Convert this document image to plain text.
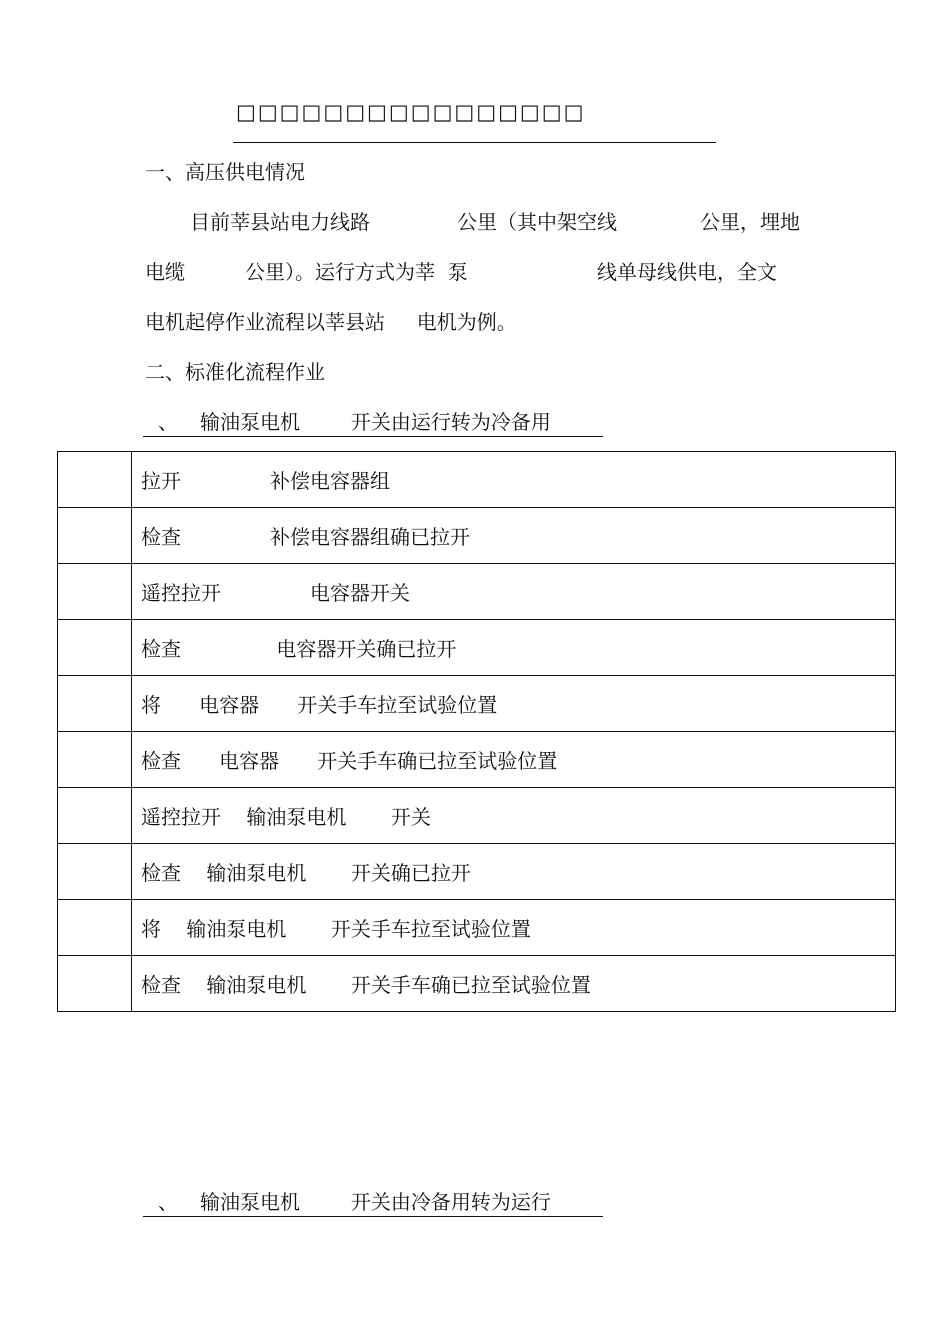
□□□□□□□□□□□□□□□□
一、高压供电情况
目前莘县站电力线路	公里（其中架空线	公里，埋地
电缆	公里）。运行方式为莘  泵	线单母线供电，全文
电机起停作业流程以莘县站     电机为例。
二、标准化流程作业
、 输油泵电机        开关由运行转为冷备用
	拉开              补偿电容器组
	检查              补偿电容器组确已拉开
	遥控拉开              电容器开关
	检查               电容器开关确已拉开
	将      电容器      开关手车拉至试验位置
	检查      电容器      开关手车确已拉至试验位置
	遥控拉开    输油泵电机       开关
	检查    输油泵电机       开关确已拉开
	将    输油泵电机       开关手车拉至试验位置
	检查    输油泵电机       开关手车确已拉至试验位置
、 输油泵电机        开关由冷备用转为运行
